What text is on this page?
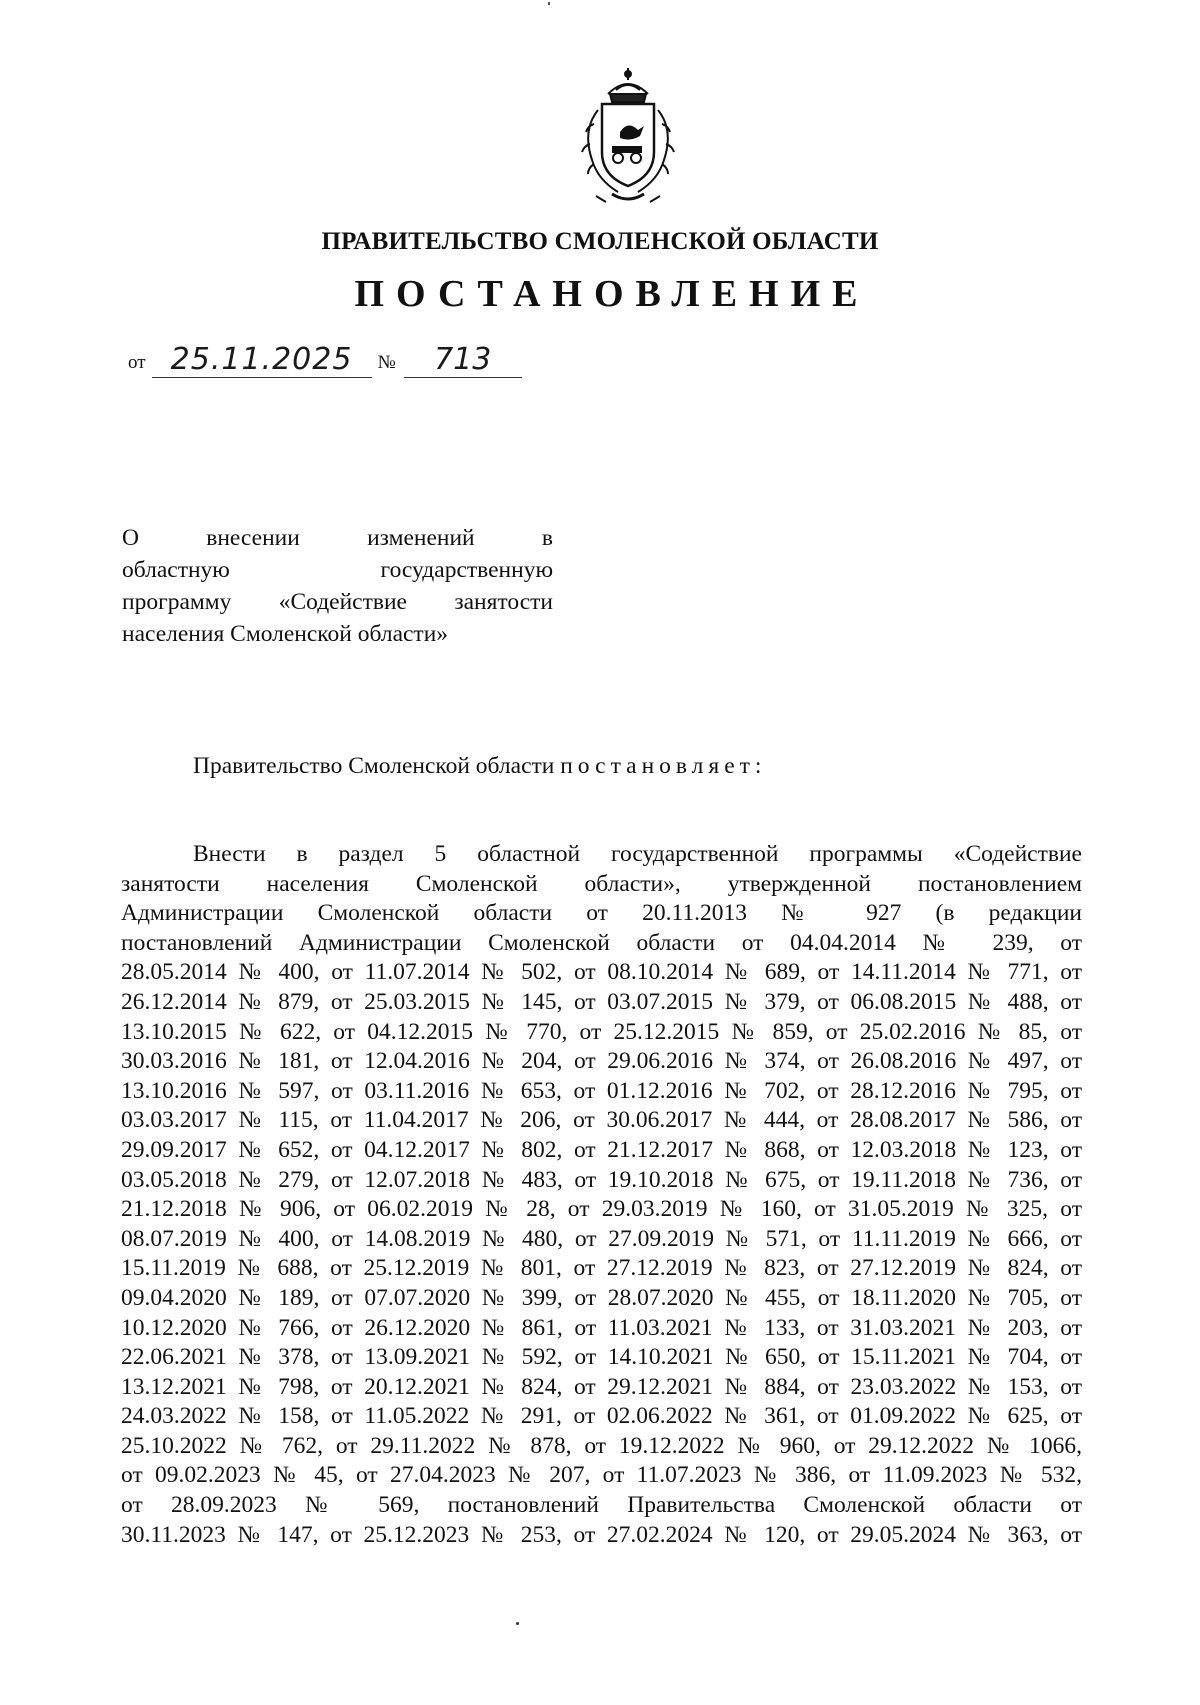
ПРАВИТЕЛЬСТВО СМОЛЕНСКОЙ ОБЛАСТИ
ПОСТАНОВЛЕНИЕ
от 25.11.2025	№	713
О внесении изменений в
областную государственную
программу «Содействие занятости
населения Смоленской области»
Правительство Смоленской области постановляет:
Внести в раздел 5 областной государственной программы «Содействие
занятости населения Смоленской области», утвержденной постановлением
Администрации Смоленской области от 20.11.2013 № 927 (в редакции
постановлений Администрации Смоленской области от 04.04.2014 № 239, от
28.05.2014 № 400, от 11.07.2014 № 502, от 08.10.2014 № 689, от 14.11.2014 № 771, от
26.12.2014 № 879, от 25.03.2015 № 145, от 03.07.2015 № 379, от 06.08.2015 № 488, от
13.10.2015 № 622, от 04.12.2015 № 770, от 25.12.2015 № 859, от 25.02.2016 № 85, от
30.03.2016 № 181, от 12.04.2016 № 204, от 29.06.2016 № 374, от 26.08.2016 № 497, от
13.10.2016 № 597, от 03.11.2016 № 653, от 01.12.2016 № 702, от 28.12.2016 № 795, от
03.03.2017 № 115, от 11.04.2017 № 206, от 30.06.2017 № 444, от 28.08.2017 № 586, от
29.09.2017 № 652, от 04.12.2017 № 802, от 21.12.2017 № 868, от 12.03.2018 № 123, от
03.05.2018 № 279, от 12.07.2018 № 483, от 19.10.2018 № 675, от 19.11.2018 № 736, от
21.12.2018 № 906, от 06.02.2019 № 28, от 29.03.2019 № 160, от 31.05.2019 № 325, от
08.07.2019 № 400, от 14.08.2019 № 480, от 27.09.2019 № 571, от 11.11.2019 № 666, от
15.11.2019 № 688, от 25.12.2019 № 801, от 27.12.2019 № 823, от 27.12.2019 № 824, от
09.04.2020 № 189, от 07.07.2020 № 399, от 28.07.2020 № 455, от 18.11.2020 № 705, от
10.12.2020 № 766, от 26.12.2020 № 861, от 11.03.2021 № 133, от 31.03.2021 № 203, от
22.06.2021 № 378, от 13.09.2021 № 592, от 14.10.2021 № 650, от 15.11.2021 № 704, от
13.12.2021 № 798, от 20.12.2021 № 824, от 29.12.2021 № 884, от 23.03.2022 № 153, от
24.03.2022 № 158, от 11.05.2022 № 291, от 02.06.2022 № 361, от 01.09.2022 № 625, от
25.10.2022 № 762, от 29.11.2022 № 878, от 19.12.2022 № 960, от 29.12.2022 № 1066,
от 09.02.2023 № 45, от 27.04.2023 № 207, от 11.07.2023 № 386, от 11.09.2023 № 532,
от 28.09.2023 № 569, постановлений Правительства Смоленской области от
30.11.2023 № 147, от 25.12.2023 № 253, от 27.02.2024 № 120, от 29.05.2024 № 363, от
